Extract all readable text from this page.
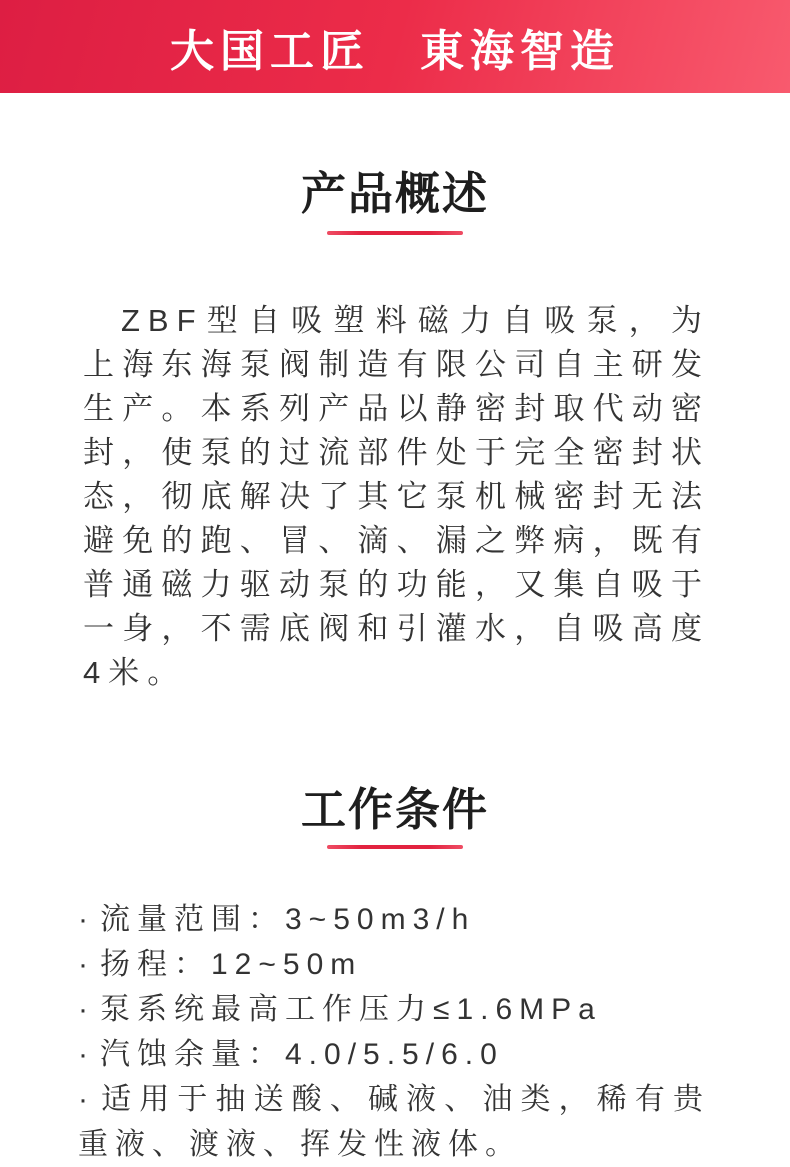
大国工匠　東海智造
产品概述
ZBF型自吸塑料磁力自吸泵，为上海东海泵阀制造有限公司自主研发生产。本系列产品以静密封取代动密封，使泵的过流部件处于完全密封状态，彻底解决了其它泵机械密封无法避免的跑、冒、滴、漏之弊病，既有普通磁力驱动泵的功能，又集自吸于一身，不需底阀和引灌水，自吸高度4米。
工作条件
· 流量范围：3~50m3/h
· 扬程：12~50m
· 泵系统最高工作压力≤1.6MPa
· 汽蚀余量：4.0/5.5/6.0
· 适用于抽送酸、碱液、油类，稀有贵重液、渡液、挥发性液体。
